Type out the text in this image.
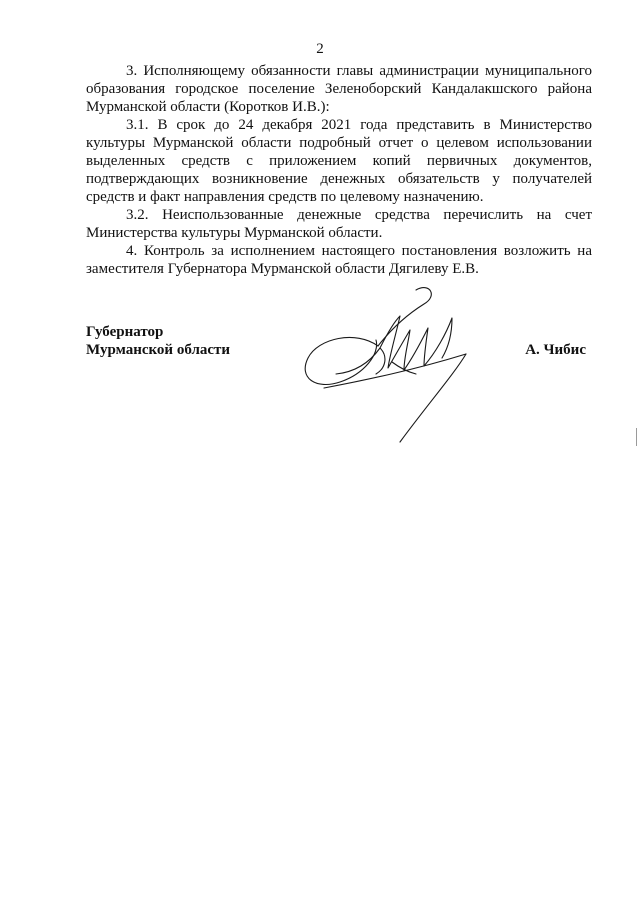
2

3. Исполняющему обязанности главы администрации муниципального образования городское поселение Зеленоборский Кандалакшского района Мурманской области (Коротков И.В.):

3.1. В срок до 24 декабря 2021 года представить в Министерство культуры Мурманской области подробный отчет о целевом использовании выделенных средств с приложением копий первичных документов, подтверждающих возникновение денежных обязательств у получателей средств и факт направления средств по целевому назначению.

3.2. Неиспользованные денежные средства перечислить на счет Министерства культуры Мурманской области.

4. Контроль за исполнением настоящего постановления возложить на заместителя Губернатора Мурманской области Дягилеву Е.В.

Губернатор
Мурманской области	А. Чибис
